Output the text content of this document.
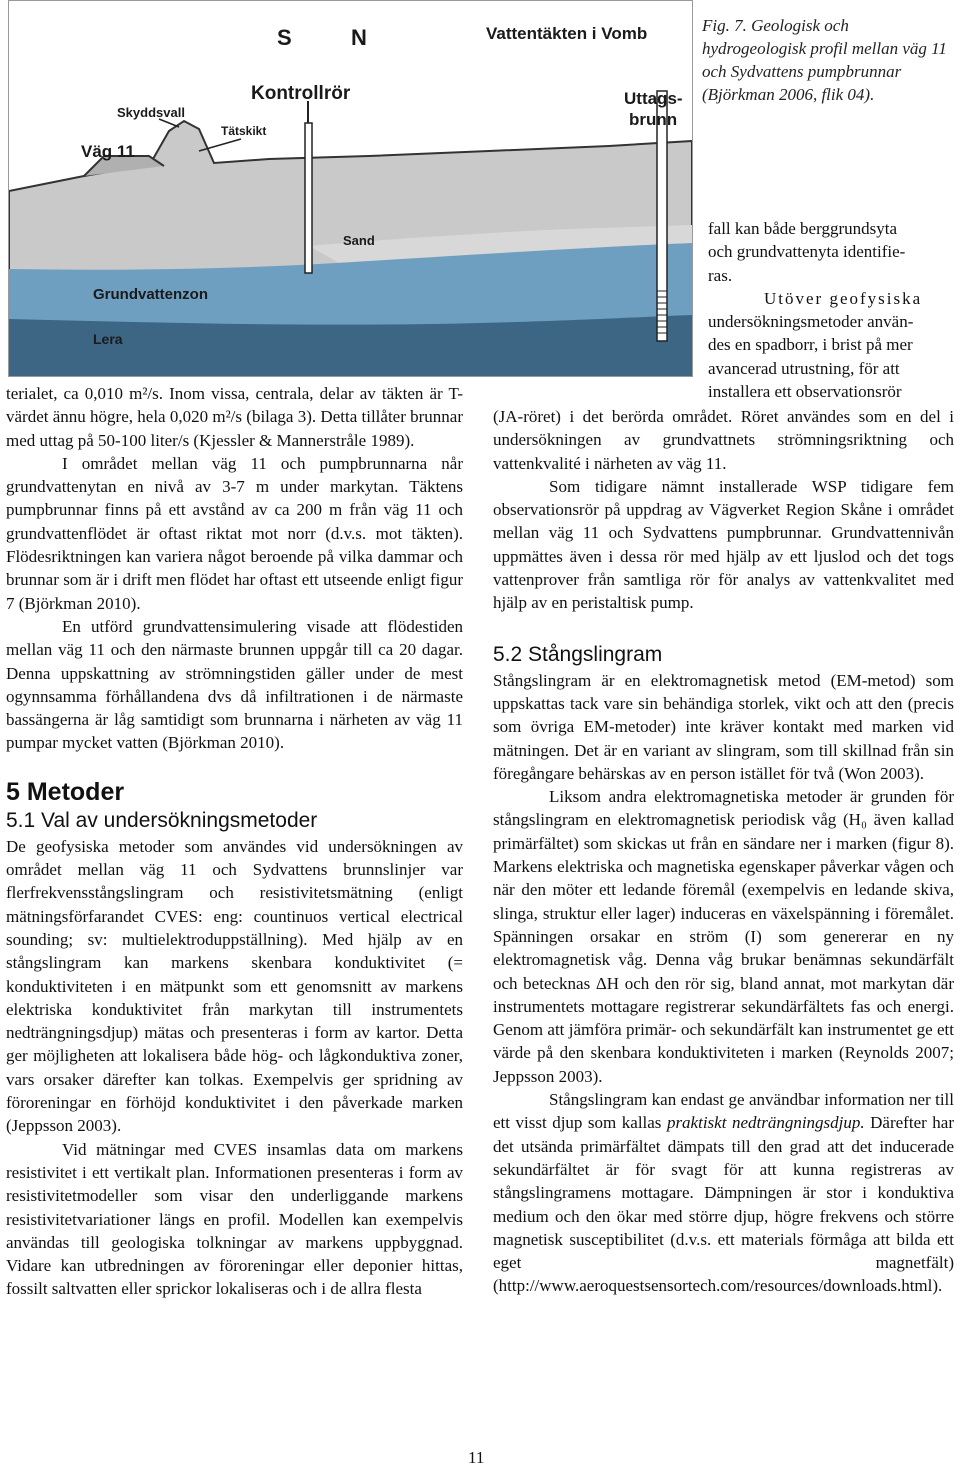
S	N	Vattentäkten i Vomb
Kontrollrör	Uttags-
brunn
Skyddsvall
Tätskikt
Väg 11
Sand
Grundvattenzon
Lera
Fig. 7. Geologisk och hydrogeologisk profil mellan väg 11 och Sydvattens pumpbrunnar (Björkman 2006, flik 04).
fall kan både berggrundsyta
och grundvattenyta identifie-
ras.
Utöver geofysiska
undersökningsmetoder använ-
des en spadborr, i brist på mer
avancerad utrustning, för att
installera ett observationsrör

terialet, ca 0,010 m²/s. Inom vissa, centrala, delar av täkten är T-värdet ännu högre, hela 0,020 m²/s (bilaga 3). Detta tillåter brunnar med uttag på 50-100 liter/s (Kjessler & Mannerstråle 1989).

I området mellan väg 11 och pumpbrunnarna når grundvattenytan en nivå av 3-7 m under markytan. Täktens pumpbrunnar finns på ett avstånd av ca 200 m från väg 11 och grundvattenflödet är oftast riktat mot norr (d.v.s. mot täkten). Flödesriktningen kan variera något beroende på vilka dammar och brunnar som är i drift men flödet har oftast ett utseende enligt figur 7 (Björkman 2010).

En utförd grundvattensimulering visade att flödestiden mellan väg 11 och den närmaste brunnen uppgår till ca 20 dagar. Denna uppskattning av strömningstiden gäller under de mest ogynnsamma förhållandena dvs då infiltrationen i de närmaste bassängerna är låg samtidigt som brunnarna i närheten av väg 11 pumpar mycket vatten (Björkman 2010).

5 Metoder
5.1 Val av undersökningsmetoder

De geofysiska metoder som användes vid undersökningen av området mellan väg 11 och Sydvattens brunnslinjer var flerfrekvensstångslingram och resistivitetsmätning (enligt mätningsförfarandet CVES: eng: countinuos vertical electrical sounding; sv: multielektroduppställning). Med hjälp av en stångslingram kan markens skenbara konduktivitet (= konduktiviteten i en mätpunkt som ett genomsnitt av markens elektriska konduktivitet från markytan till instrumentets nedträngningsdjup) mätas och presenteras i form av kartor. Detta ger möjligheten att lokalisera både hög- och lågkonduktiva zoner, vars orsaker därefter kan tolkas. Exempelvis ger spridning av föroreningar en förhöjd konduktivitet i den påverkade marken (Jeppsson 2003).

Vid mätningar med CVES insamlas data om markens resistivitet i ett vertikalt plan. Informationen presenteras i form av resistivitetmodeller som visar den underliggande markens resistivitetvariationer längs en profil. Modellen kan exempelvis användas till geologiska tolkningar av markens uppbyggnad. Vidare kan utbredningen av föroreningar eller deponier hittas, fossilt saltvatten eller sprickor lokaliseras och i de allra flesta

(JA-röret) i det berörda området. Röret användes som en del i undersökningen av grundvattnets strömningsriktning och vattenkvalité i närheten av väg 11.

Som tidigare nämnt installerade WSP tidigare fem observationsrör på uppdrag av Vägverket Region Skåne i området mellan väg 11 och Sydvattens pumpbrunnar. Grundvattennivån uppmättes även i dessa rör med hjälp av ett ljuslod och det togs vattenprover från samtliga rör för analys av vattenkvalitet med hjälp av en peristaltisk pump.

5.2 Stångslingram

Stångslingram är en elektromagnetisk metod (EM-metod) som uppskattas tack vare sin behändiga storlek, vikt och att den (precis som övriga EM-metoder) inte kräver kontakt med marken vid mätningen. Det är en variant av slingram, som till skillnad från sin föregångare behärskas av en person istället för två (Won 2003).

Liksom andra elektromagnetiska metoder är grunden för stångslingram en elektromagnetisk periodisk våg (H₀ även kallad primärfältet) som skickas ut från en sändare ner i marken (figur 8). Markens elektriska och magnetiska egenskaper påverkar vågen och när den möter ett ledande föremål (exempelvis en ledande skiva, slinga, struktur eller lager) induceras en växelspänning i föremålet. Spänningen orsakar en ström (I) som genererar en ny elektromagnetisk våg. Denna våg brukar benämnas sekundärfält och betecknas ΔH och den rör sig, bland annat, mot markytan där instrumentets mottagare registrerar sekundärfältets fas och energi. Genom att jämföra primär- och sekundärfält kan instrumentet ge ett värde på den skenbara konduktiviteten i marken (Reynolds 2007; Jeppsson 2003).

Stångslingram kan endast ge användbar information ner till ett visst djup som kallas praktiskt nedträngningsdjup. Därefter har det utsända primärfältet dämpats till den grad att det inducerade sekundärfältet är för svagt för att kunna registreras av stångslingramens mottagare. Dämpningen är stor i konduktiva medium och den ökar med större djup, högre frekvens och större magnetisk susceptibilitet (d.v.s. ett materials förmåga att bilda ett eget magnetfält) (http://www.aeroquestsensortech.com/resources/downloads.html).

11
